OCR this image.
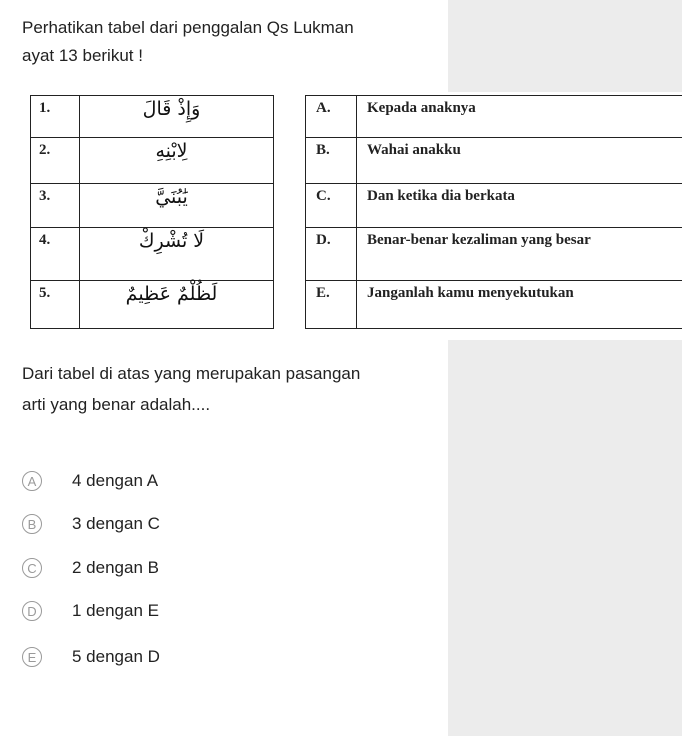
Perhatikan tabel dari penggalan Qs Lukman
ayat 13 berikut !
1.	وَإِذْ قَالَ
2.	لِابْنِهِ
3.	يَٰبُنَيَّ
4.	لَا تُشْرِكْ
5.	لَظُلْمٌ عَظِيمٌ
A.	Kepada anaknya
B.	Wahai anakku
C.	Dan ketika dia berkata
D.	Benar-benar kezaliman yang besar
E.	Janganlah kamu menyekutukan
Dari tabel di atas yang merupakan pasangan
arti yang benar adalah....
A	4 dengan A
B	3 dengan C
C	2 dengan B
D	1 dengan E
E	5 dengan D
